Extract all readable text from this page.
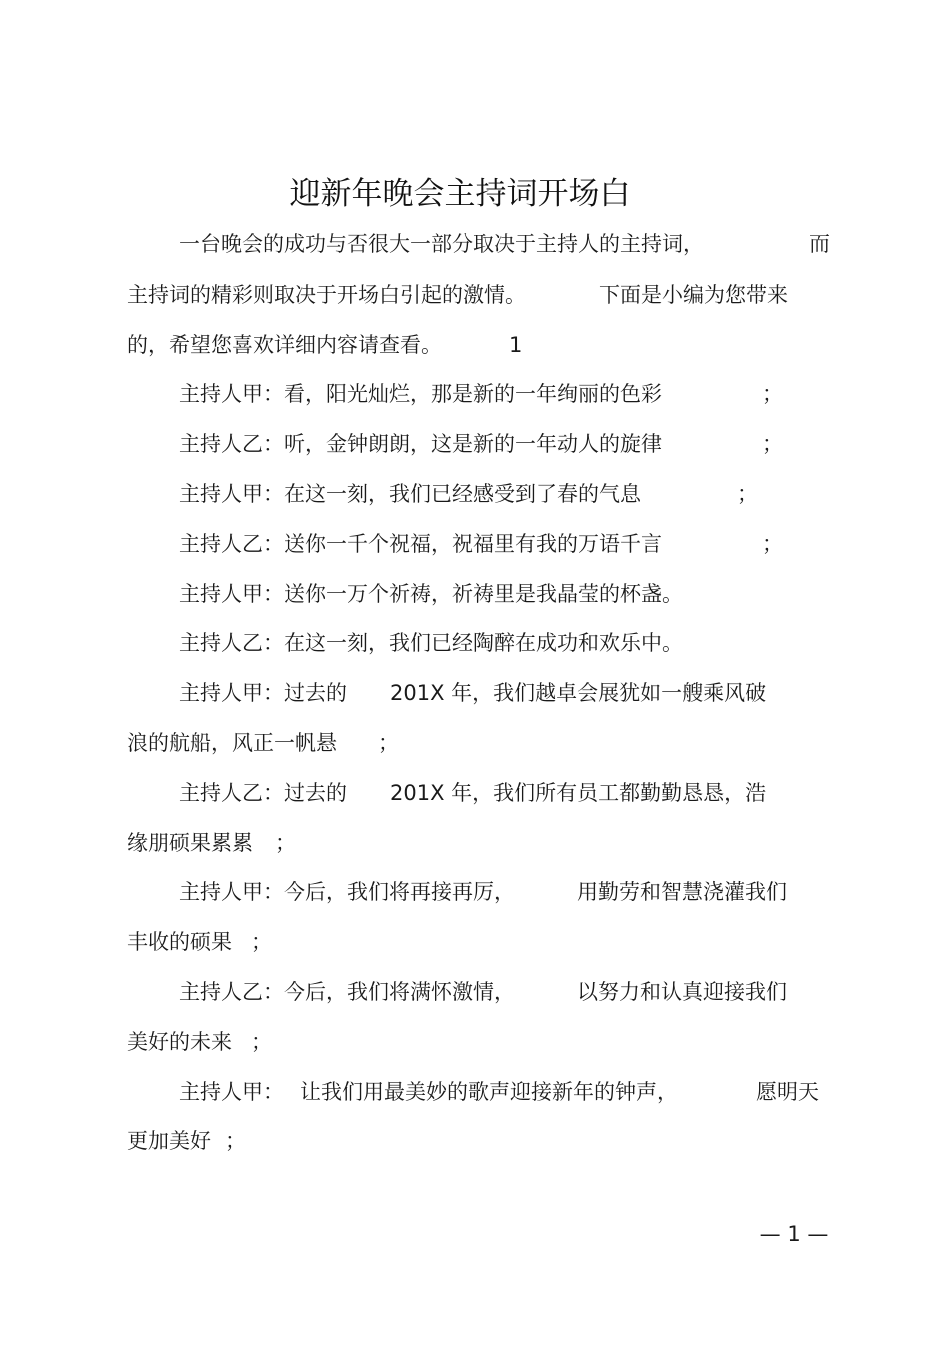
迎新年晚会主持词开场白
一台晚会的成功与否很大一部分取决于主持人的主持词，	而
主持词的精彩则取决于开场白引起的激情。	下面是小编为您带来
的，希望您喜欢详细内容请查看。	1
主持人甲：看，阳光灿烂，那是新的一年绚丽的色彩	；
主持人乙：听，金钟朗朗，这是新的一年动人的旋律	；
主持人甲：在这一刻，我们已经感受到了春的气息	；
主持人乙：送你一千个祝福，祝福里有我的万语千言	；
主持人甲：送你一万个祈祷，祈祷里是我晶莹的杯盏。
主持人乙：在这一刻，我们已经陶醉在成功和欢乐中。
主持人甲：过去的 201X 年，我们越卓会展犹如一艘乘风破
浪的航船，风正一帆悬 ；
主持人乙：过去的 201X 年，我们所有员工都勤勤恳恳，浩
缘朋硕果累累 ；
主持人甲：今后，我们将再接再厉，	用勤劳和智慧浇灌我们
丰收的硕果 ；
主持人乙：今后，我们将满怀激情，	以努力和认真迎接我们
美好的未来 ；
主持人甲： 让我们用最美妙的歌声迎接新年的钟声，	愿明天
更加美好 ；
— 1 —
